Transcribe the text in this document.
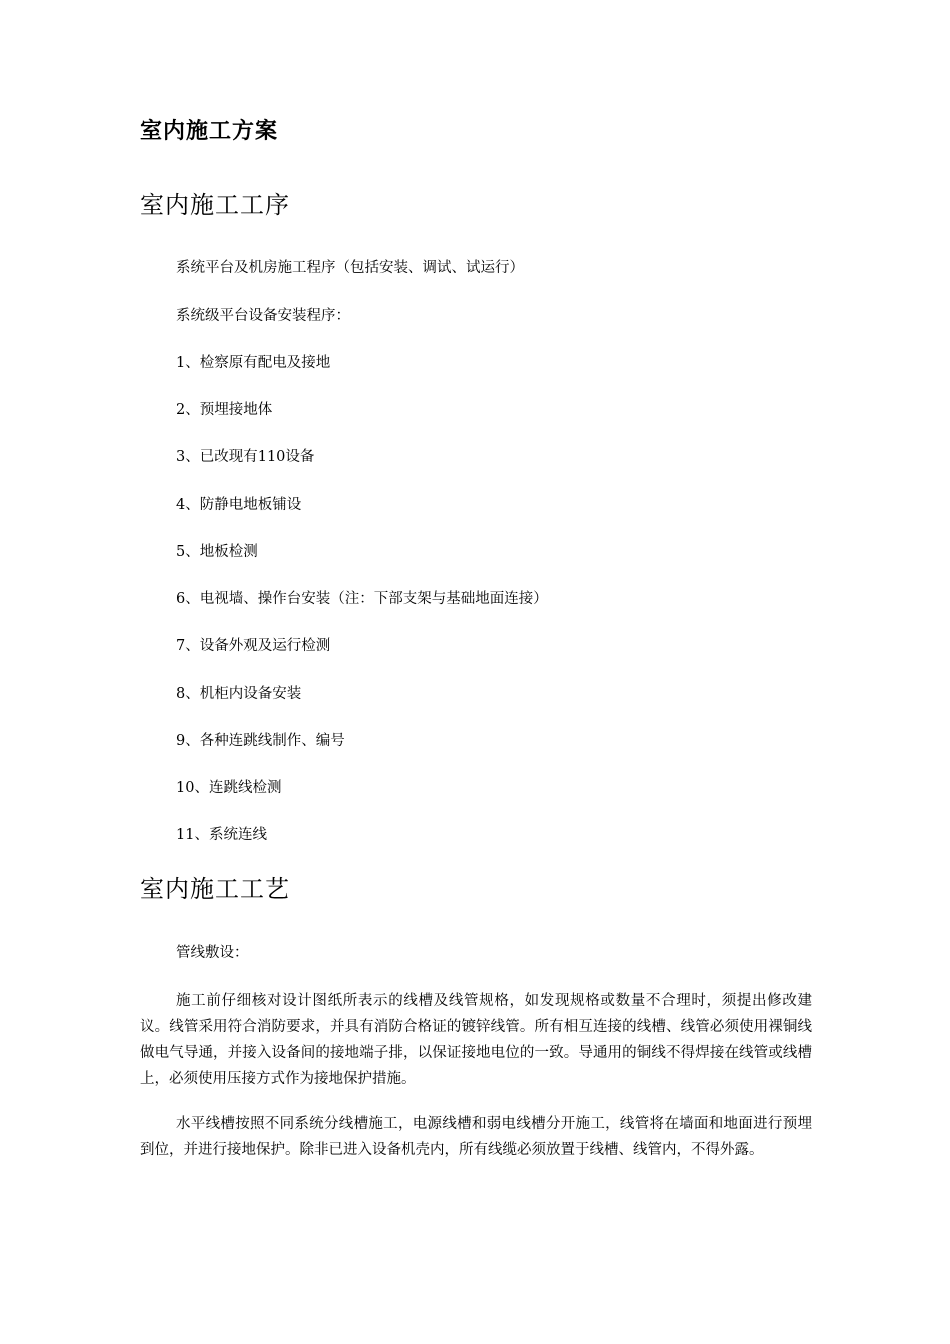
室内施工方案
室内施工工序

系统平台及机房施工程序（包括安装、调试、试运行）

系统级平台设备安装程序：

1、检察原有配电及接地

2、预埋接地体

3、已改现有110设备

4、防静电地板铺设

5、地板检测

6、电视墙、操作台安装（注：下部支架与基础地面连接）

7、设备外观及运行检测

8、机柜内设备安装

9、各种连跳线制作、编号

10、连跳线检测

11、系统连线

室内施工工艺

管线敷设：

施工前仔细核对设计图纸所表示的线槽及线管规格，如发现规格或数量不合理时，须提出修改建议。线管采用符合消防要求，并具有消防合格证的镀锌线管。所有相互连接的线槽、线管必须使用裸铜线做电气导通，并接入设备间的接地端子排，以保证接地电位的一致。导通用的铜线不得焊接在线管或线槽上，必须使用压接方式作为接地保护措施。

水平线槽按照不同系统分线槽施工，电源线槽和弱电线槽分开施工，线管将在墙面和地面进行预埋到位，并进行接地保护。除非已进入设备机壳内，所有线缆必须放置于线槽、线管内，不得外露。
